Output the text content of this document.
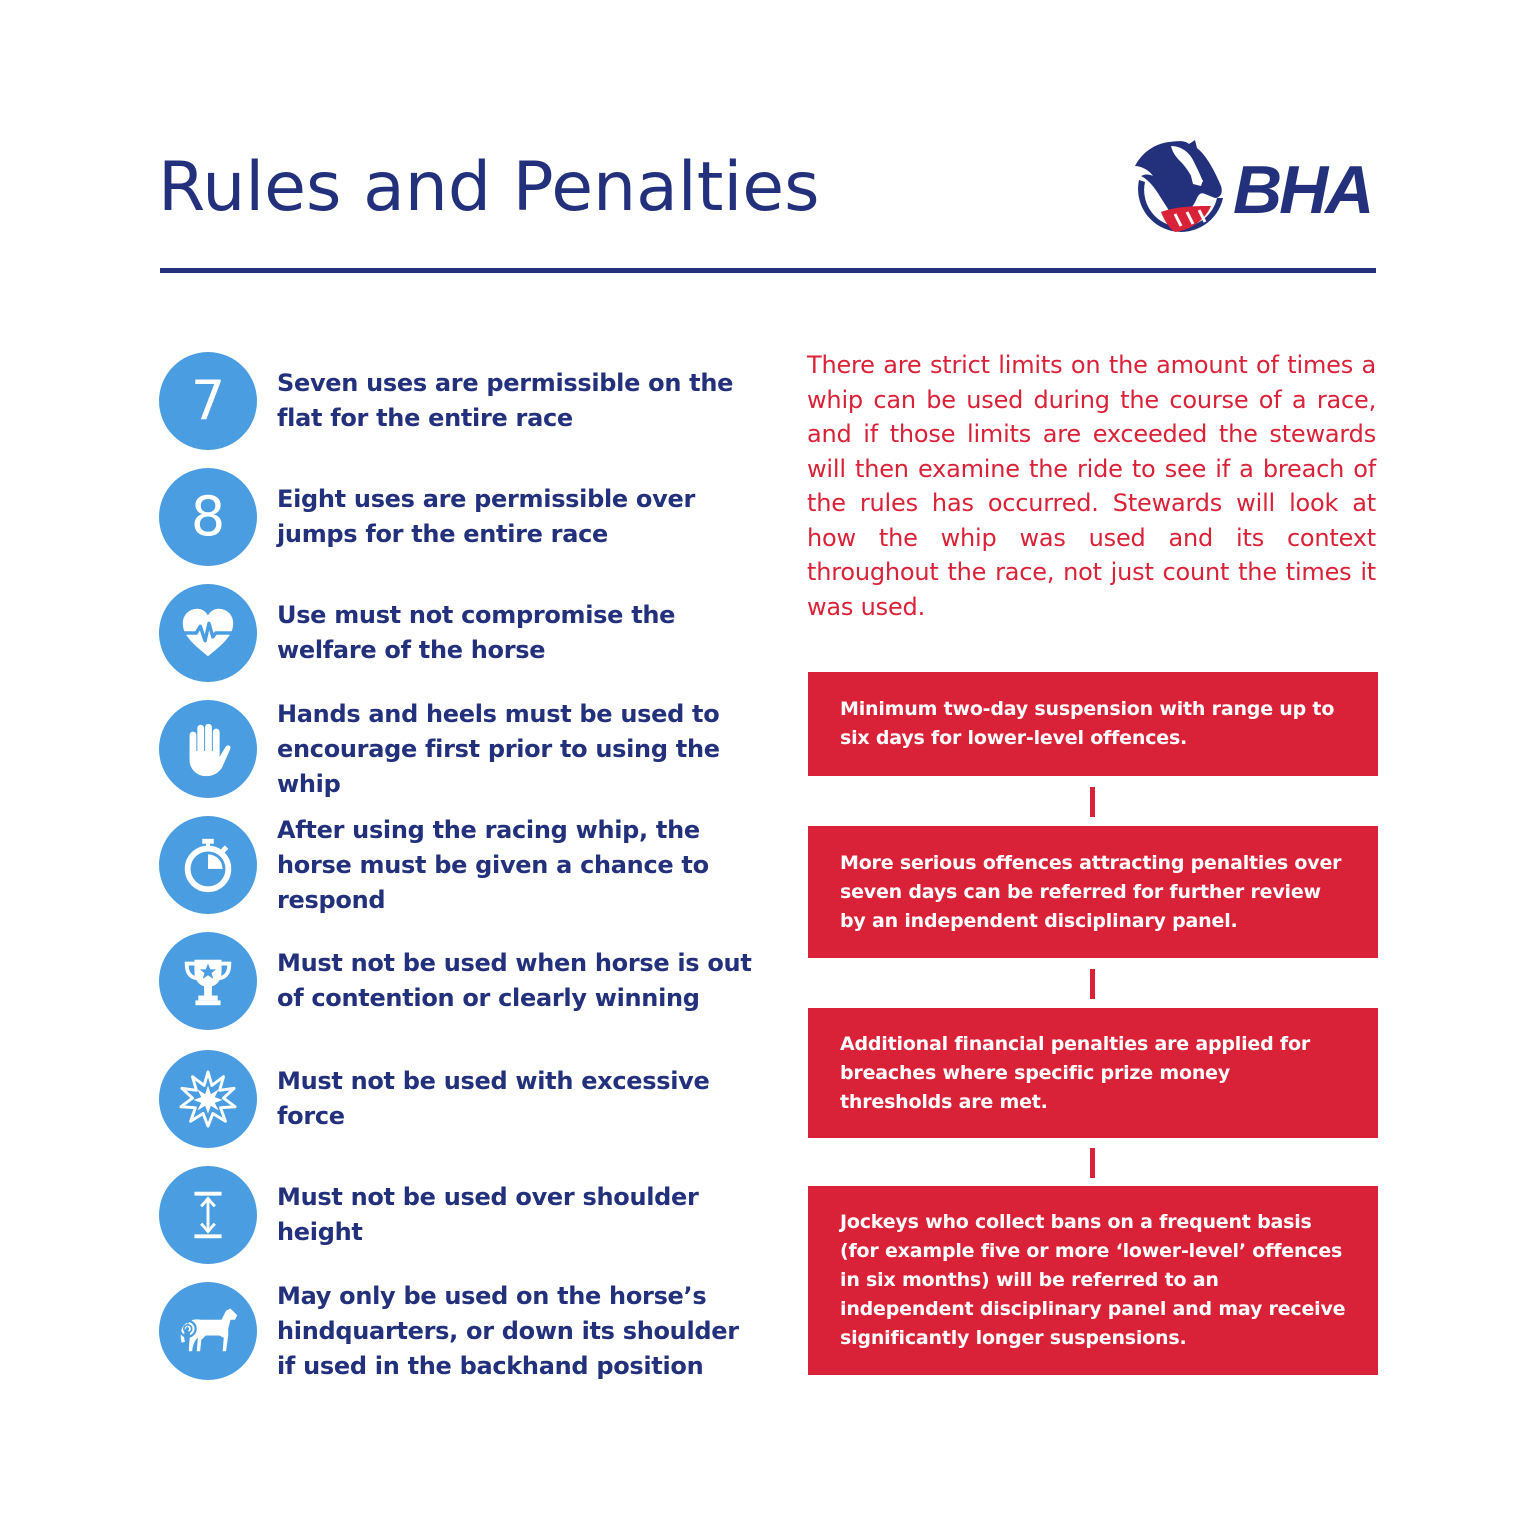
Rules and Penalties	BHA
7 Seven uses are permissible on the flat for the entire race
8 Eight uses are permissible over jumps for the entire race
Use must not compromise the welfare of the horse
Hands and heels must be used to encourage first prior to using the whip
After using the racing whip, the horse must be given a chance to respond
Must not be used when horse is out of contention or clearly winning
Must not be used with excessive force
Must not be used over shoulder height
May only be used on the horse’s hindquarters, or down its shoulder if used in the backhand position

There are strict limits on the amount of times a whip can be used during the course of a race, and if those limits are exceeded the stewards will then examine the ride to see if a breach of the rules has occurred. Stewards will look at how the whip was used and its context throughout the race, not just count the times it was used.

Minimum two-day suspension with range up to six days for lower-level offences.
More serious offences attracting penalties over seven days can be referred for further review by an independent disciplinary panel.
Additional financial penalties are applied for breaches where specific prize money thresholds are met.
Jockeys who collect bans on a frequent basis (for example five or more ‘lower-level’ offences in six months) will be referred to an independent disciplinary panel and may receive significantly longer suspensions.
